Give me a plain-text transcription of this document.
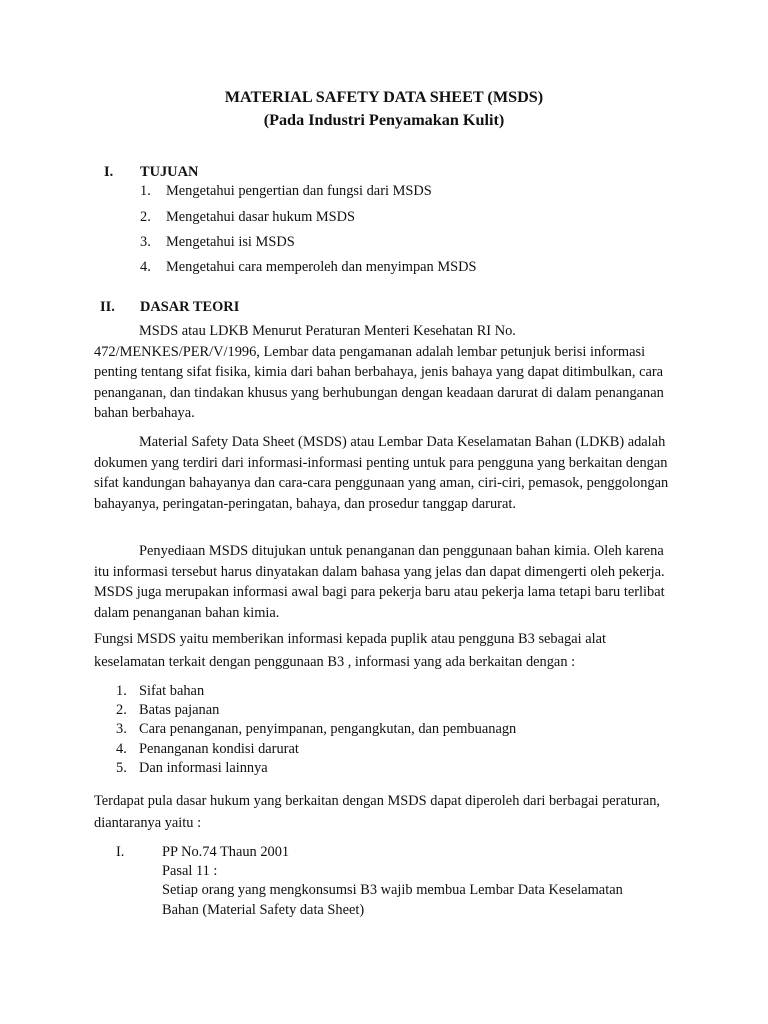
MATERIAL SAFETY DATA SHEET (MSDS)
(Pada Industri Penyamakan Kulit)
I. TUJUAN
1. Mengetahui pengertian dan fungsi dari MSDS
2. Mengetahui dasar hukum MSDS
3. Mengetahui isi MSDS
4. Mengetahui cara memperoleh dan menyimpan MSDS
II. DASAR TEORI
MSDS atau LDKB Menurut Peraturan Menteri Kesehatan RI No. 472/MENKES/PER/V/1996, Lembar data pengamanan adalah lembar petunjuk berisi informasi penting tentang sifat fisika, kimia dari bahan berbahaya, jenis bahaya yang dapat ditimbulkan, cara penanganan, dan tindakan khusus yang berhubungan dengan keadaan darurat di dalam penanganan bahan berbahaya.
Material Safety Data Sheet (MSDS) atau Lembar Data Keselamatan Bahan (LDKB) adalah dokumen yang terdiri dari informasi-informasi penting untuk para pengguna yang berkaitan dengan sifat kandungan bahayanya dan cara-cara penggunaan yang aman, ciri-ciri, pemasok, penggolongan bahayanya, peringatan-peringatan, bahaya, dan prosedur tanggap darurat.
Penyediaan MSDS ditujukan untuk penanganan dan penggunaan bahan kimia. Oleh karena itu informasi tersebut harus dinyatakan dalam bahasa yang jelas dan dapat dimengerti oleh pekerja. MSDS juga merupakan informasi awal bagi para pekerja baru atau pekerja lama tetapi baru terlibat dalam penanganan bahan kimia.
Fungsi MSDS yaitu memberikan informasi kepada puplik atau pengguna B3 sebagai alat keselamatan terkait dengan penggunaan B3 , informasi yang ada berkaitan dengan :
1. Sifat bahan
2. Batas pajanan
3. Cara penanganan, penyimpanan, pengangkutan, dan pembuanagn
4. Penanganan kondisi darurat
5. Dan informasi lainnya
Terdapat pula dasar hukum yang berkaitan dengan MSDS dapat diperoleh dari berbagai peraturan, diantaranya yaitu :
I.	PP No.74 Thaun 2001
Pasal 11 :
Setiap orang yang mengkonsumsi B3 wajib membua Lembar Data Keselamatan
Bahan (Material Safety data Sheet)
